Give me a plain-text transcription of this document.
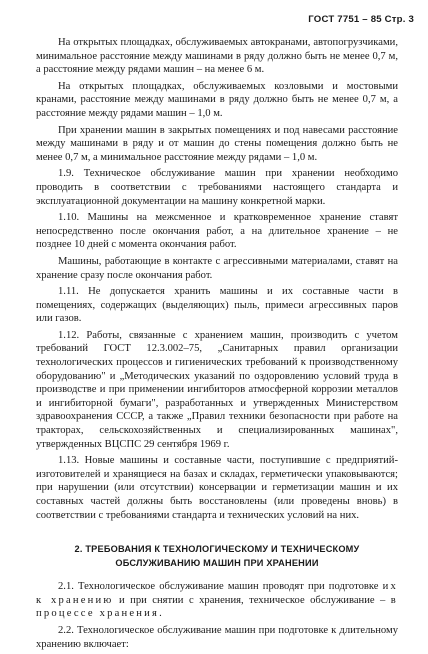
ГОСТ 7751 – 85 Стр. 3

На открытых площадках, обслуживаемых автокранами, автопогрузчиками, минимальное расстояние между машинами в ряду должно быть не менее 0,7 м, а расстояние между рядами машин – на менее 6 м.

На открытых площадках, обслуживаемых козловыми и мостовыми кранами, расстояние между машинами в ряду должно быть не менее 0,7 м, а расстояние между рядами машин – 1,0 м.

При хранении машин в закрытых помещениях и под навесами расстояние между машинами в ряду и от машин до стены помещения должно быть не менее 0,7 м, а минимальное расстояние между рядами – 1,0 м.

1.9. Техническое обслуживание машин при хранении необходимо проводить в соответствии с требованиями настоящего стандарта и эксплуатационной документации на машину конкретной марки.

1.10. Машины на межсменное и кратковременное хранение ставят непосредственно после окончания работ, а на длительное хранение – не позднее 10 дней с момента окончания работ.

Машины, работающие в контакте с агрессивными материалами, ставят на хранение сразу после окончания работ.

1.11. Не допускается хранить машины и их составные части в помещениях, содержащих (выделяющих) пыль, примеси агрессивных паров или газов.

1.12. Работы, связанные с хранением машин, производить с учетом требований ГОСТ 12.3.002–75, „Санитарных правил организации технологических процессов и гигиенических требований к производственному оборудованию" и „Методических указаний по оздоровлению условий труда в производстве и при применении ингибиторов атмосферной коррозии металлов и ингибиторной бумаги", разработанных и утвержденных Министерством здравоохранения СССР, а также „Правил техники безопасности при работе на тракторах, сельскохозяйственных и специализированных машинах", утвержденных ВЦСПС 29 сентября 1969 г.

1.13. Новые машины и составные части, поступившие с предприятий-изготовителей и хранящиеся на базах и складах, герметически упаковываются; при нарушении (или отсутствии) консервации и герметизации машин и их составных частей должны быть восстановлены (или проведены вновь) в соответствии с требованиями стандарта и технических условий на них.

2. ТРЕБОВАНИЯ К ТЕХНОЛОГИЧЕСКОМУ И ТЕХНИЧЕСКОМУ
ОБСЛУЖИВАНИЮ МАШИН ПРИ ХРАНЕНИИ

2.1. Технологическое обслуживание машин проводят при подготовке их к хранению и при снятии с хранения, техническое обслуживание – в процессе хранения.

2.2. Технологическое обслуживание машин при подготовке к длительному хранению включает:
